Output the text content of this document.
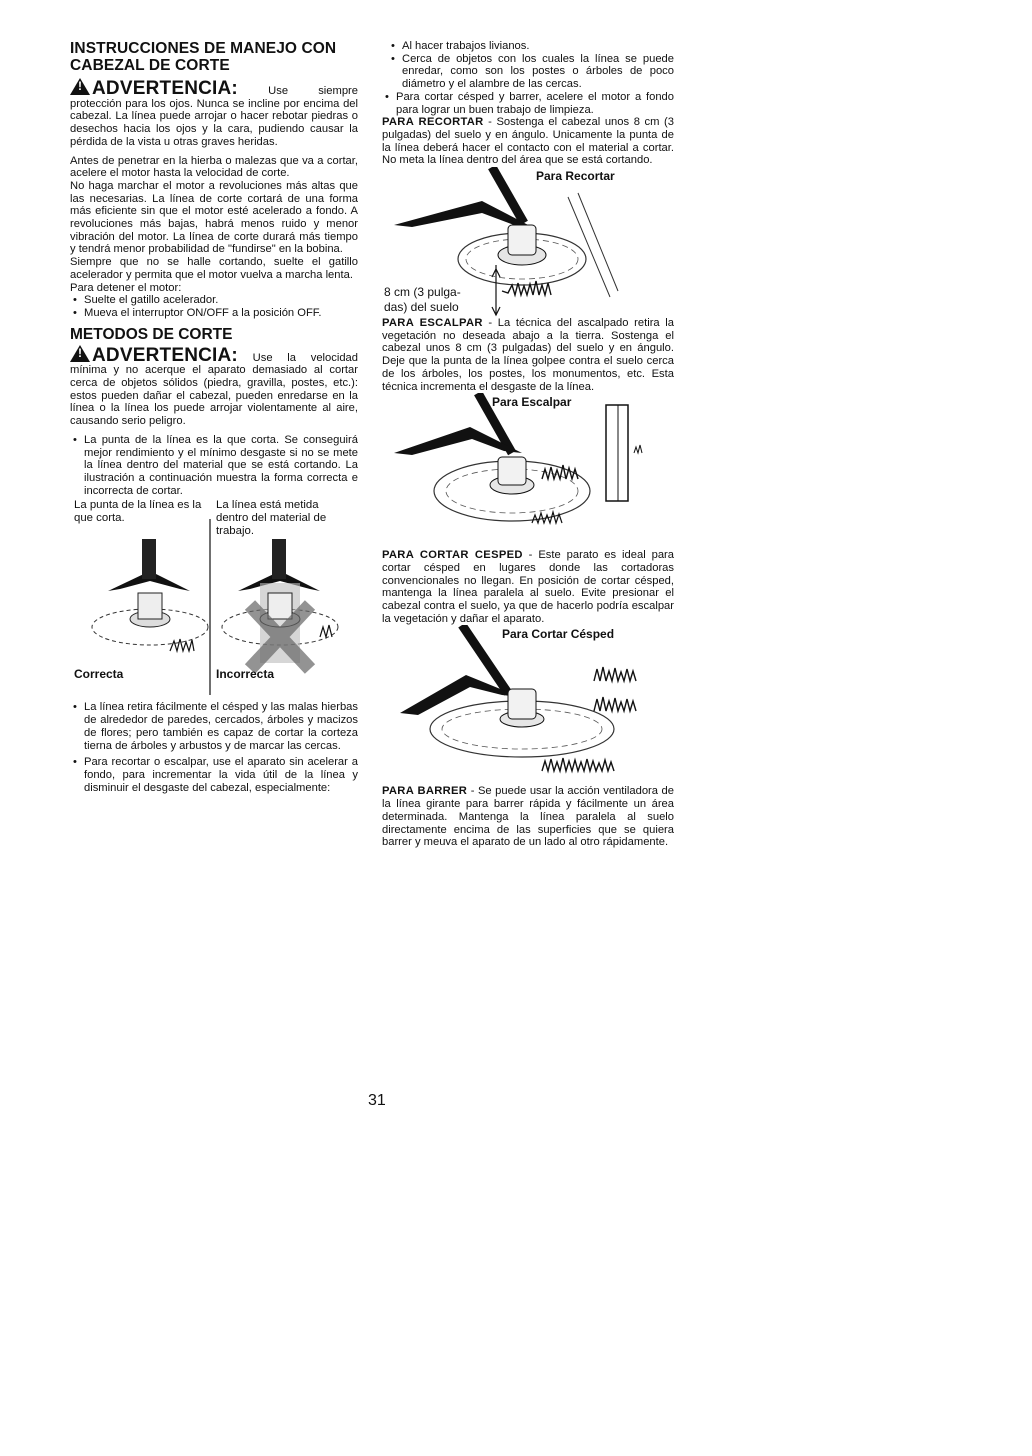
INSTRUCCIONES DE MANEJO CON
CABEZAL DE CORTE
!ADVERTENCIA: Use siempre protección para los ojos. Nunca se incline por encima del cabezal. La línea puede arrojar o hacer rebotar piedras o desechos hacia los ojos y la cara, pudiendo causar la pérdida de la vista u otras graves heridas.

Antes de penetrar en la hierba o malezas que va a cortar, acelere el motor hasta la velocidad de corte.

No haga marchar el motor a revoluciones más altas que las necesarias. La línea de corte cortará de una forma más eficiente sin que el motor esté acelerado a fondo. A revoluciones más bajas, habrá menos ruido y menor vibración del motor. La línea de corte durará más tiempo y tendrá menor probabilidad de "fundirse" en la bobina.

Siempre que no se halle cortando, suelte el gatillo acelerador y permita que el motor vuelva a marcha lenta.

Para detener el motor:

• Suelte el gatillo acelerador.
• Mueva el interruptor ON/OFF a la posición OFF.
METODOS DE CORTE
!ADVERTENCIA: Use la velocidad mínima y no acerque el aparato demasiado al cortar cerca de objetos sólidos (piedra, gravilla, postes, etc.): estos pueden dañar el cabezal, pueden enredarse en la línea o la línea los puede arrojar violentamente al aire, causando serio peligro.
• La punta de la línea es la que corta. Se conseguirá mejor rendimiento y el mínimo desgaste si no se mete la línea dentro del material que se está cortando. La ilustración a continuación muestra la forma correcta e incorrecta de cortar.
La punta de la línea es la que corta.
La línea está metida dentro del material de trabajo.
Correcta	Incorrecta
• La línea retira fácilmente el césped y las malas hierbas de alrededor de paredes, cercados, árboles y macizos de flores; pero también es capaz de cortar la corteza tierna de árboles y arbustos y de marcar las cercas.
• Para recortar o escalpar, use el aparato sin acelerar a fondo, para incrementar la vida útil de la línea y disminuir el desgaste del cabezal, especialmente:
• Al hacer trabajos livianos.
• Cerca de objetos con los cuales la línea se puede enredar, como son los postes o árboles de poco diámetro y el alambre de las cercas.
• Para cortar césped y barrer, acelere el motor a fondo para lograr un buen trabajo de limpieza.

PARA RECORTAR - Sostenga el cabezal unos 8 cm (3 pulgadas) del suelo y en ángulo. Unicamente la punta de la línea deberá hacer el contacto con el material a cortar. No meta la línea dentro del área que se está cortando.

Para Recortar
8 cm (3 pulga-
das) del suelo

PARA ESCALPAR - La técnica del ascalpado retira la vegetación no deseada abajo a la tierra. Sostenga el cabezal unos 8 cm (3 pulgadas) del suelo y en ángulo. Deje que la punta de la línea golpee contra el suelo cerca de los árboles, los postes, los monumentos, etc. Esta técnica incrementa el desgaste de la línea.

Para Escalpar

PARA CORTAR CESPED - Este parato es ideal para cortar césped en lugares donde las cortadoras convencionales no llegan. En posición de cortar césped, mantenga la línea paralela al suelo. Evite presionar el cabezal contra el suelo, ya que de hacerlo podría escalpar la vegetación y dañar el aparato.

Para Cortar Césped

PARA BARRER - Se puede usar la acción ventiladora de la línea girante para barrer rápida y fácilmente un área determinada. Mantenga la línea paralela al suelo directamente encima de las superficies que se quiera barrer y meuva el aparato de un lado al otro rápidamente.

31
